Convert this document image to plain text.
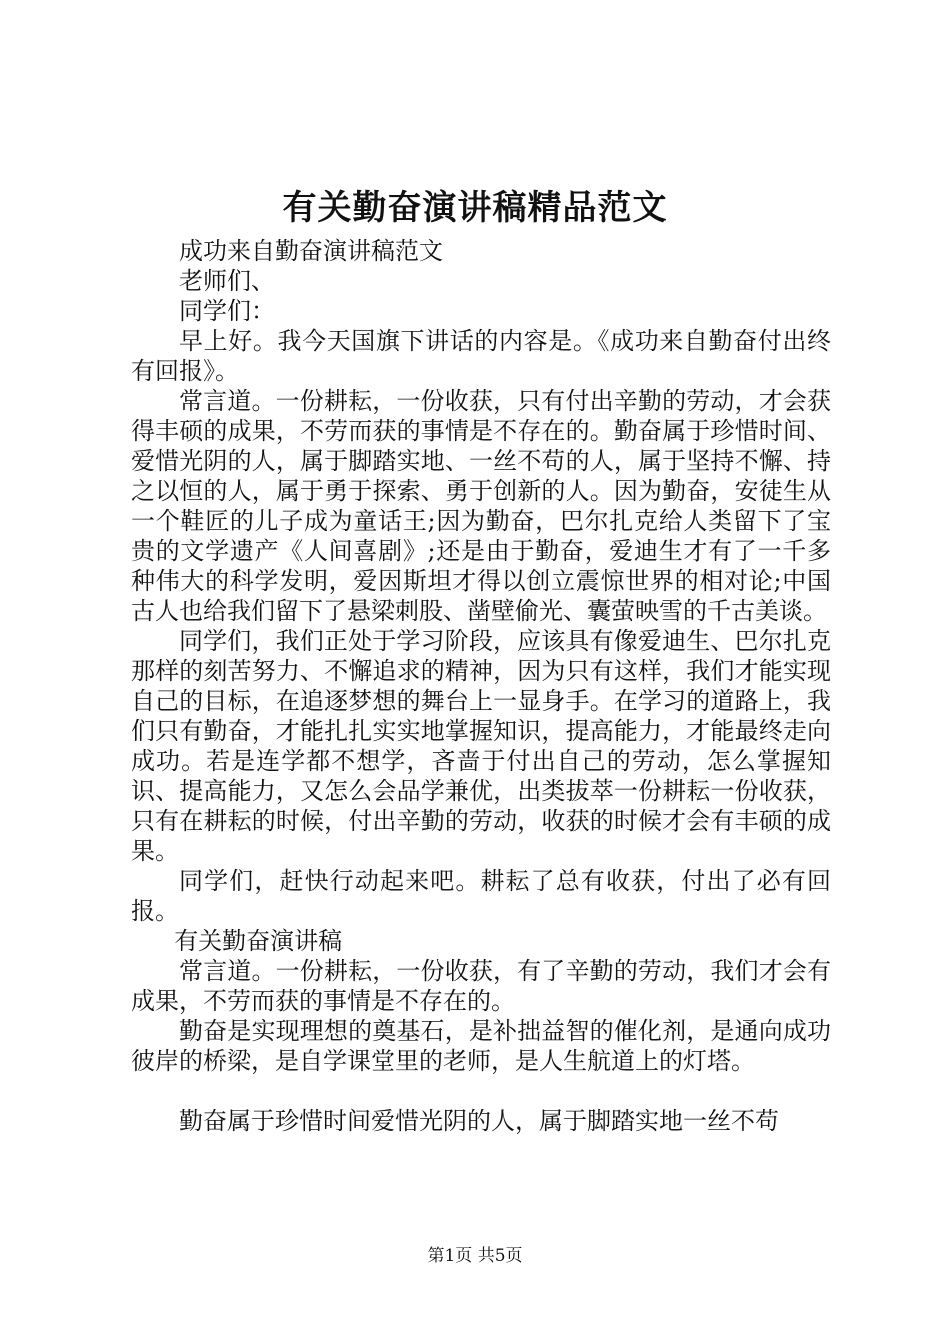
有关勤奋演讲稿精品范文

成功来自勤奋演讲稿范文

老师们、

同学们：

早上好。我今天国旗下讲话的内容是。《成功来自勤奋付出终有回报》。

常言道。一份耕耘，一份收获，只有付出辛勤的劳动，才会获得丰硕的成果，不劳而获的事情是不存在的。勤奋属于珍惜时间、爱惜光阴的人，属于脚踏实地、一丝不苟的人，属于坚持不懈、持之以恒的人，属于勇于探索、勇于创新的人。因为勤奋，安徒生从一个鞋匠的儿子成为童话王;因为勤奋，巴尔扎克给人类留下了宝贵的文学遗产《人间喜剧》;还是由于勤奋，爱迪生才有了一千多种伟大的科学发明，爱因斯坦才得以创立震惊世界的相对论;中国古人也给我们留下了悬梁刺股、凿壁偷光、囊萤映雪的千古美谈。

同学们，我们正处于学习阶段，应该具有像爱迪生、巴尔扎克那样的刻苦努力、不懈追求的精神，因为只有这样，我们才能实现自己的目标，在追逐梦想的舞台上一显身手。在学习的道路上，我们只有勤奋，才能扎扎实实地掌握知识，提高能力，才能最终走向成功。若是连学都不想学，吝啬于付出自己的劳动，怎么掌握知识、提高能力，又怎么会品学兼优，出类拔萃一份耕耘一份收获，只有在耕耘的时候，付出辛勤的劳动，收获的时候才会有丰硕的成果。

同学们，赶快行动起来吧。耕耘了总有收获，付出了必有回报。

有关勤奋演讲稿

常言道。一份耕耘，一份收获，有了辛勤的劳动，我们才会有成果，不劳而获的事情是不存在的。

勤奋是实现理想的奠基石，是补拙益智的催化剂，是通向成功彼岸的桥梁，是自学课堂里的老师，是人生航道上的灯塔。

勤奋属于珍惜时间爱惜光阴的人，属于脚踏实地一丝不苟

第1页 共5页
